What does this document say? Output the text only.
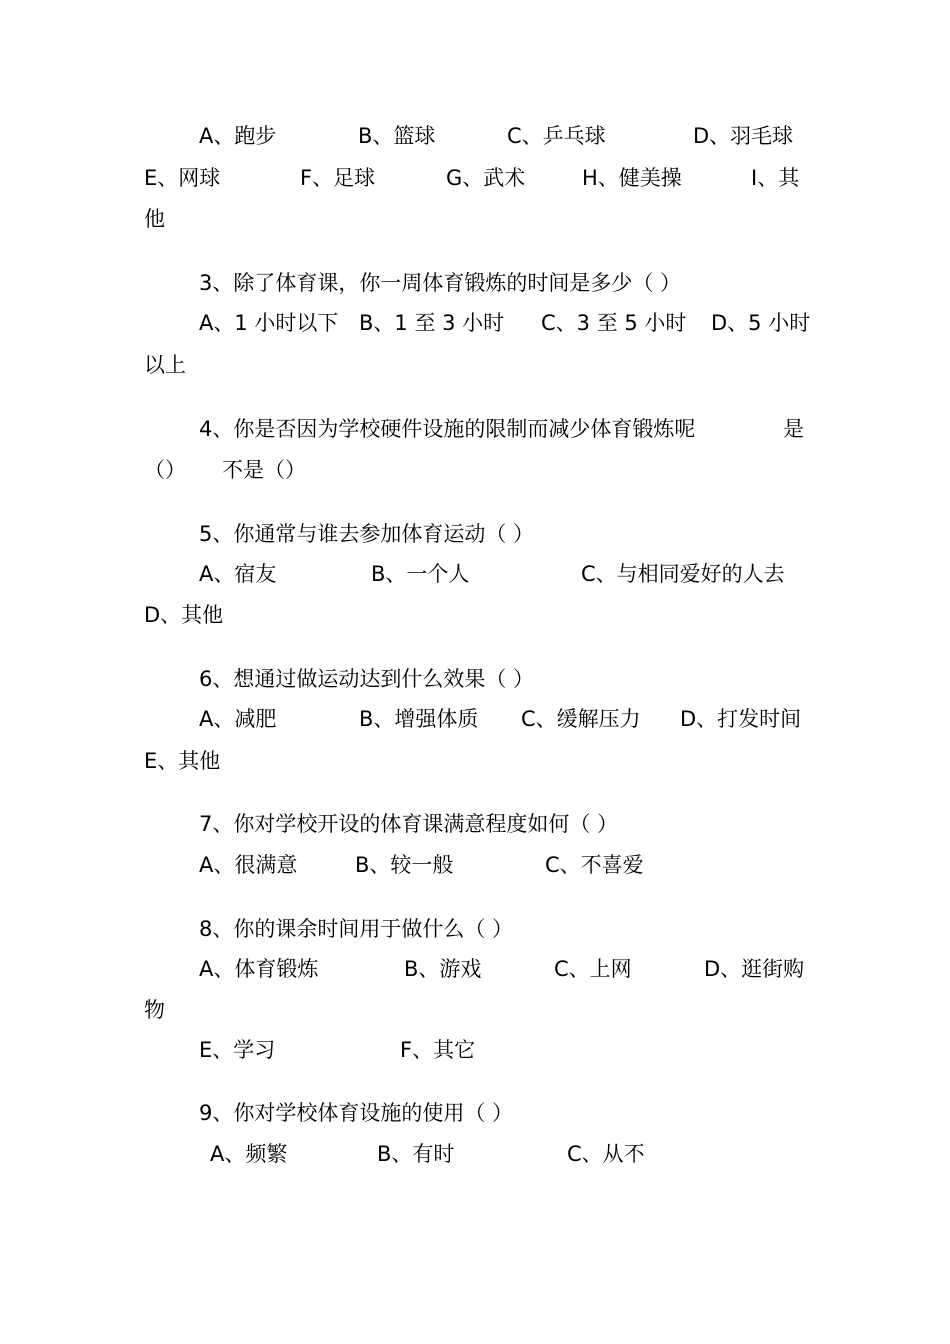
A、跑步	B、篮球	C、乒乓球	D、羽毛球
E、网球	F、足球	G、武术	H、健美操	I、其
他
3、除了体育课，你一周体育锻炼的时间是多少（ ）
A、1 小时以下 B、1 至 3 小时 C、3 至 5 小时 D、5 小时
以上
4、你是否因为学校硬件设施的限制而减少体育锻炼呢	是
（） 不是（）
5、你通常与谁去参加体育运动（ ）
A、宿友	B、一个人	C、与相同爱好的人去
D、其他
6、想通过做运动达到什么效果（ ）
A、减肥	B、增强体质 C、缓解压力 D、打发时间
E、其他
7、你对学校开设的体育课满意程度如何（ ）
A、很满意	B、较一般	C、不喜爱
8、你的课余时间用于做什么（ ）
A、体育锻炼	B、游戏	C、上网	D、逛街购
物
E、学习	F、其它
9、你对学校体育设施的使用（ ）
A、频繁	B、有时	C、从不
